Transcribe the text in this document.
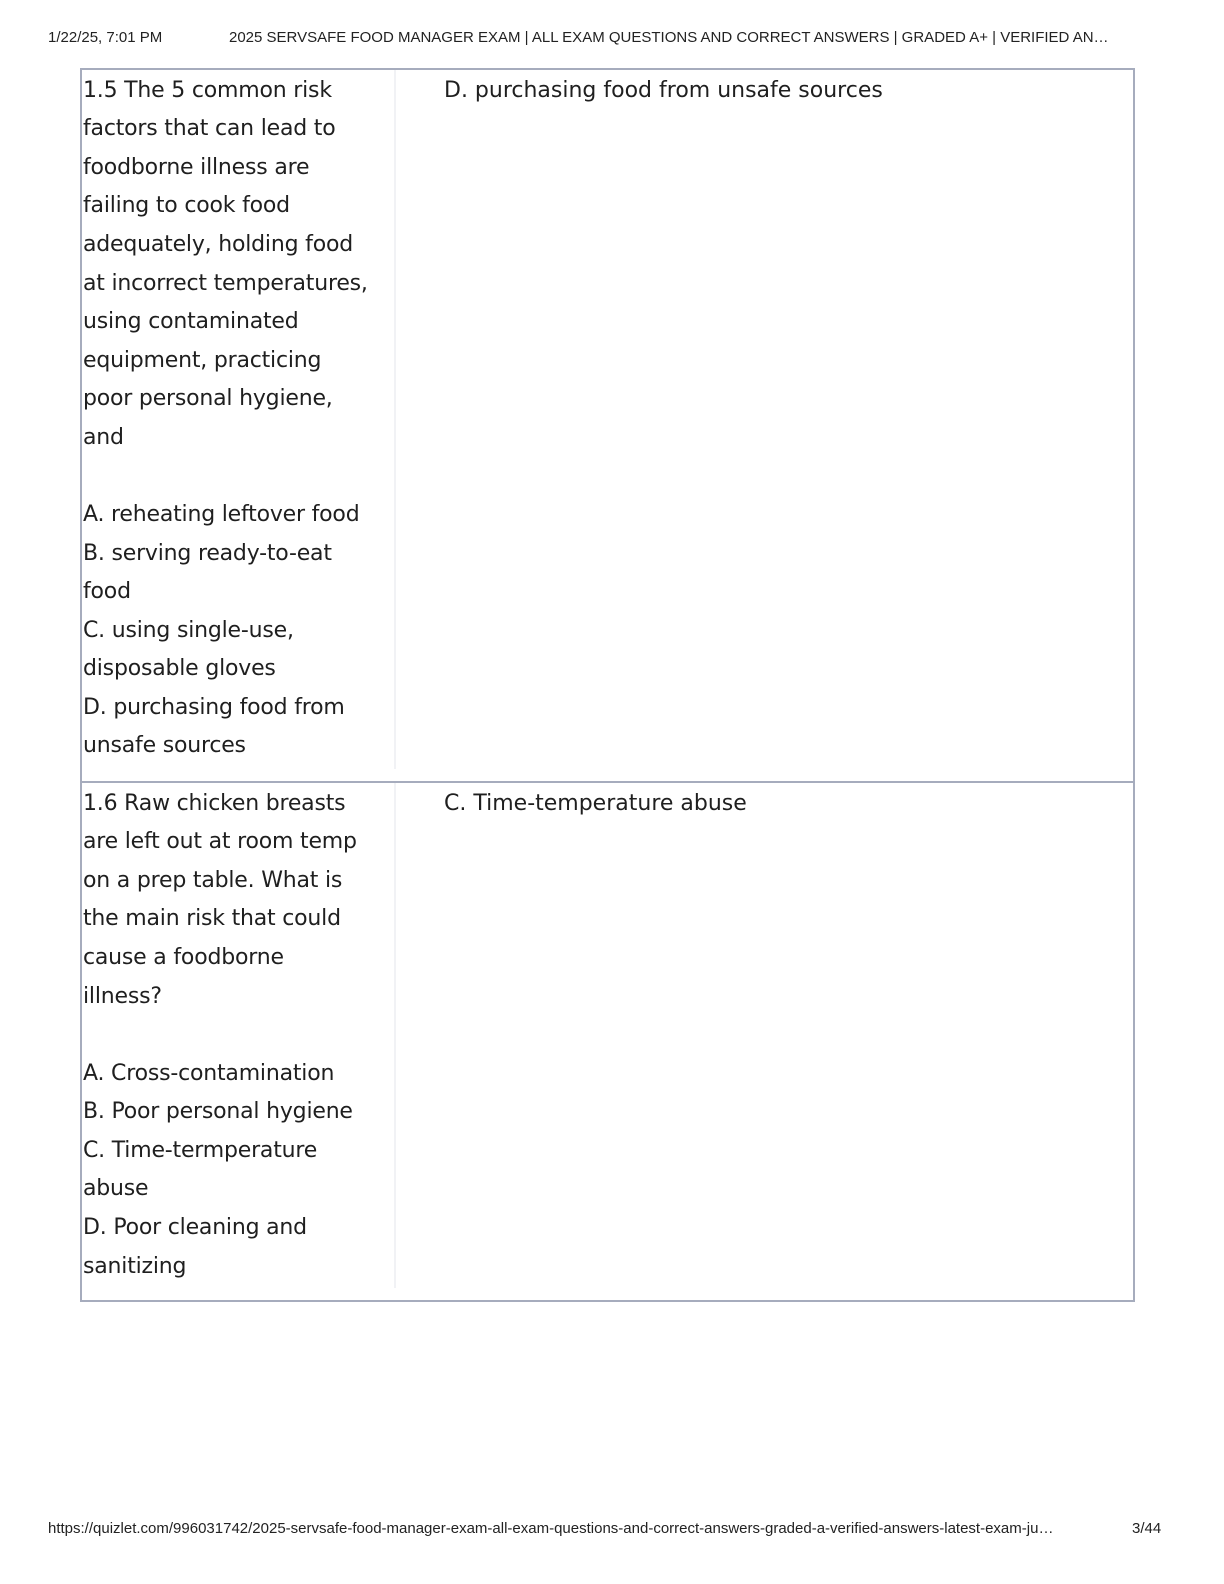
1/22/25, 7:01 PM	2025 SERVSAFE FOOD MANAGER EXAM | ALL EXAM QUESTIONS AND CORRECT ANSWERS | GRADED A+ | VERIFIED AN…
1.5 The 5 common risk
factors that can lead to
foodborne illness are
failing to cook food
adequately, holding food
at incorrect temperatures,
using contaminated
equipment, practicing
poor personal hygiene,
and
A. reheating leftover food
B. serving ready-to-eat
food
C. using single-use,
disposable gloves
D. purchasing food from
unsafe sources
D. purchasing food from unsafe sources
1.6 Raw chicken breasts
are left out at room temp
on a prep table. What is
the main risk that could
cause a foodborne
illness?
A. Cross-contamination
B. Poor personal hygiene
C. Time-termperature
abuse
D. Poor cleaning and
sanitizing
C. Time-temperature abuse
https://quizlet.com/996031742/2025-servsafe-food-manager-exam-all-exam-questions-and-correct-answers-graded-a-verified-answers-latest-exam-ju…	3/44
